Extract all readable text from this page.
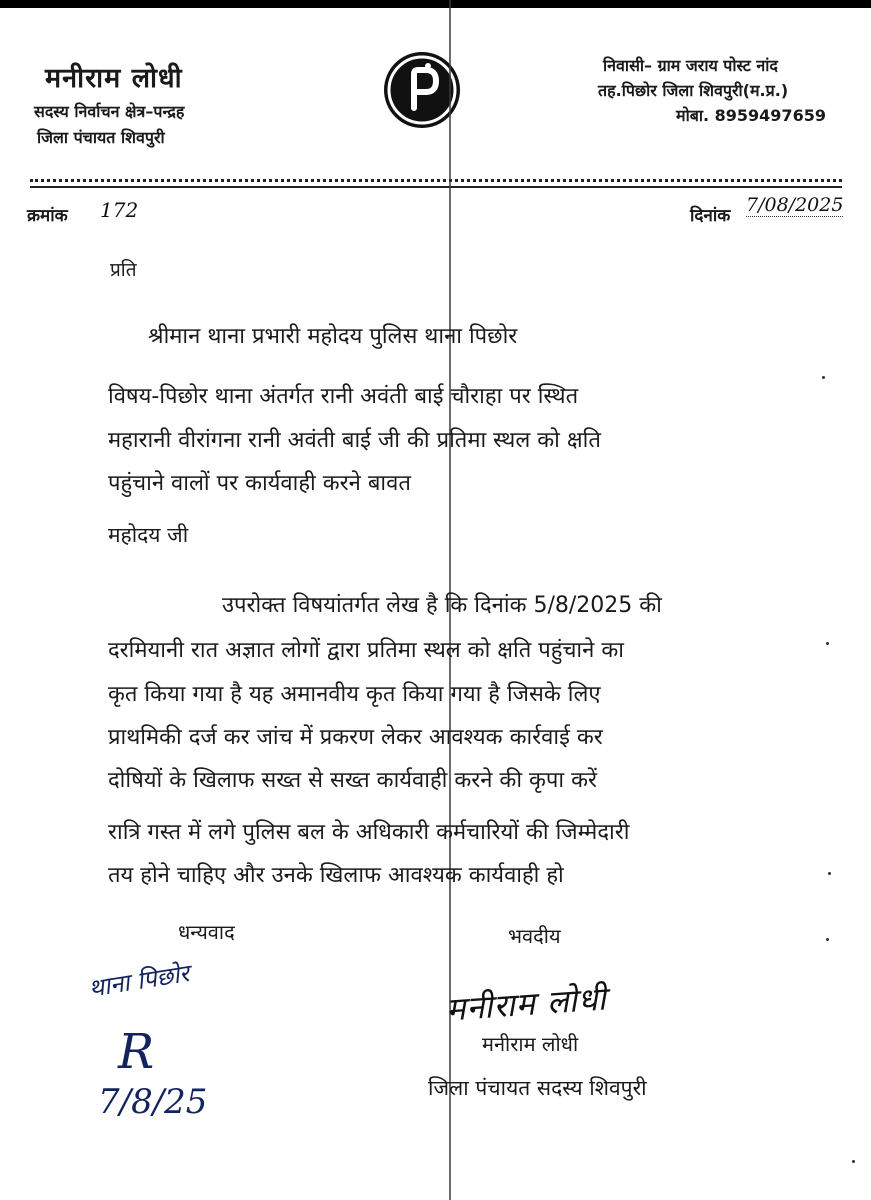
मनीराम लोधी
सदस्य निर्वाचन क्षेत्र–पन्द्रह
जिला पंचायत शिवपुरी
निवासी– ग्राम जराय पोस्ट नांद
तह.पिछोर जिला शिवपुरी(म.प्र.)
मोबा. 8959497659
क्रमांक 172	दिनांक 7/08/2025
प्रति
श्रीमान थाना प्रभारी महोदय पुलिस थाना पिछोर
विषय-पिछोर थाना अंतर्गत रानी अवंती बाई चौराहा पर स्थित
महारानी वीरांगना रानी अवंती बाई जी की प्रतिमा स्थल को क्षति
पहुंचाने वालों पर कार्यवाही करने बावत
महोदय जी
उपरोक्त विषयांतर्गत लेख है कि दिनांक 5/8/2025 की
दरमियानी रात अज्ञात लोगों द्वारा प्रतिमा स्थल को क्षति पहुंचाने का
कृत किया गया है यह अमानवीय कृत किया गया है जिसके लिए
प्राथमिकी दर्ज कर जांच में प्रकरण लेकर आवश्यक कार्रवाई कर
दोषियों के खिलाफ सख्त से सख्त कार्यवाही करने की कृपा करें
रात्रि गस्त में लगे पुलिस बल के अधिकारी कर्मचारियों की जिम्मेदारी
तय होने चाहिए और उनके खिलाफ आवश्यक कार्यवाही हो
धन्यवाद	भवदीय
मनीराम लोधी
मनीराम लोधी
जिला पंचायत सदस्य शिवपुरी
थाना पिछोर
R
7/8/25
